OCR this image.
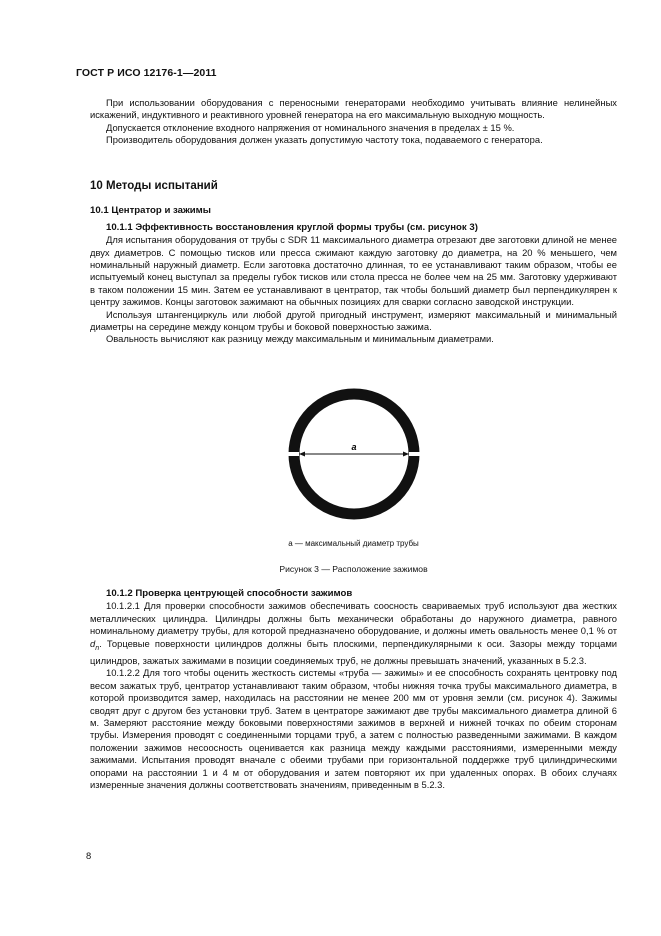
ГОСТ Р ИСО 12176-1—2011

При использовании оборудования с переносными генераторами необходимо учитывать влияние нелинейных искажений, индуктивного и реактивного уровней генератора на его максимальную выходную мощность.

Допускается отклонение входного напряжения от номинального значения в пределах ± 15 %.

Производитель оборудования должен указать допустимую частоту тока, подаваемого с генератора.

10 Методы испытаний

10.1 Центратор и зажимы

10.1.1 Эффективность восстановления круглой формы трубы (см. рисунок 3)

Для испытания оборудования от трубы с SDR 11 максимального диаметра отрезают две заготовки длиной не менее двух диаметров. С помощью тисков или пресса сжимают каждую заготовку до диаметра, на 20 % меньшего, чем номинальный наружный диаметр. Если заготовка достаточно длинная, то ее устанавливают таким образом, чтобы ее испытуемый конец выступал за пределы губок тисков или стола пресса не более чем на 25 мм. Заготовку удерживают в таком положении 15 мин. Затем ее устанавливают в центратор, так чтобы больший диаметр был перпендикулярен к центру зажимов. Концы заготовок зажимают на обычных позициях для сварки согласно заводской инструкции.

Используя штангенциркуль или любой другой пригодный инструмент, измеряют максимальный и минимальный диаметры на середине между концом трубы и боковой поверхностью зажима.

Овальность вычисляют как разницу между максимальным и минимальным диаметрами.

a
a — максимальный диаметр трубы
Рисунок 3 — Расположение зажимов

10.1.2 Проверка центрующей способности зажимов

10.1.2.1 Для проверки способности зажимов обеспечивать соосность свариваемых труб используют два жестких металлических цилиндра. Цилиндры должны быть механически обработаны до наружного диаметра, равного номинальному диаметру трубы, для которой предназначено оборудование, и должны иметь овальность менее 0,1 % от $d_n$. Торцевые поверхности цилиндров должны быть плоскими, перпендикулярными к оси. Зазоры между торцами цилиндров, зажатых зажимами в позиции соединяемых труб, не должны превышать значений, указанных в 5.2.3.

10.1.2.2 Для того чтобы оценить жесткость системы «труба — зажимы» и ее способность сохранять центровку под весом зажатых труб, центратор устанавливают таким образом, чтобы нижняя точка трубы максимального диаметра, в которой производится замер, находилась на расстоянии не менее 200 мм от уровня земли (см. рисунок 4). Зажимы сводят друг с другом без установки труб. Затем в центраторе зажимают две трубы максимального диаметра длиной 6 м. Замеряют расстояние между боковыми поверхностями зажимов в верхней и нижней точках по обеим сторонам трубы. Измерения проводят с соединенными торцами труб, а затем с полностью разведенными зажимами. В каждом положении зажимов несоосность оценивается как разница между каждыми расстояниями, измеренными между зажимами. Испытания проводят вначале с обеими трубами при горизонтальной поддержке труб цилиндрическими опорами на расстоянии 1 и 4 м от оборудования и затем повторяют их при удаленных опорах. В обоих случаях измеренные значения должны соответствовать значениям, приведенным в 5.2.3.

8
